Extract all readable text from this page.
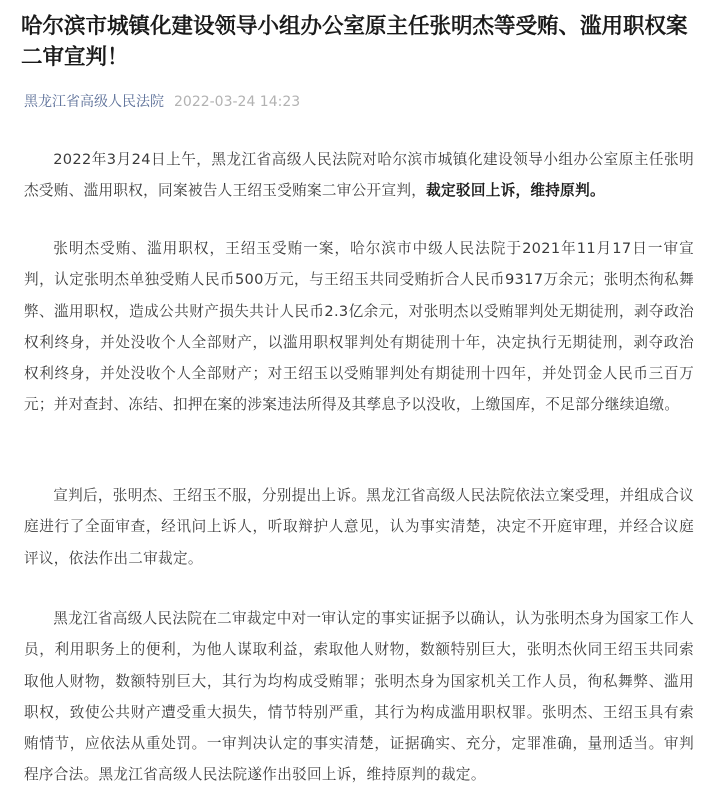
哈尔滨市城镇化建设领导小组办公室原主任张明杰等受贿、滥用职权案二审宣判！
黑龙江省高级人民法院 2022-03-24 14:23

2022年3月24日上午，黑龙江省高级人民法院对哈尔滨市城镇化建设领导小组办公室原主任张明杰受贿、滥用职权，同案被告人王绍玉受贿案二审公开宣判，裁定驳回上诉，维持原判。

张明杰受贿、滥用职权，王绍玉受贿一案，哈尔滨市中级人民法院于2021年11月17日一审宣判，认定张明杰单独受贿人民币500万元，与王绍玉共同受贿折合人民币9317万余元；张明杰徇私舞弊、滥用职权，造成公共财产损失共计人民币2.3亿余元，对张明杰以受贿罪判处无期徒刑，剥夺政治权利终身，并处没收个人全部财产，以滥用职权罪判处有期徒刑十年，决定执行无期徒刑，剥夺政治权利终身，并处没收个人全部财产；对王绍玉以受贿罪判处有期徒刑十四年，并处罚金人民币三百万元；并对查封、冻结、扣押在案的涉案违法所得及其孳息予以没收，上缴国库，不足部分继续追缴。

宣判后，张明杰、王绍玉不服，分别提出上诉。黑龙江省高级人民法院依法立案受理，并组成合议庭进行了全面审查，经讯问上诉人，听取辩护人意见，认为事实清楚，决定不开庭审理，并经合议庭评议，依法作出二审裁定。

黑龙江省高级人民法院在二审裁定中对一审认定的事实证据予以确认，认为张明杰身为国家工作人员，利用职务上的便利，为他人谋取利益，索取他人财物，数额特别巨大，张明杰伙同王绍玉共同索取他人财物，数额特别巨大，其行为均构成受贿罪；张明杰身为国家机关工作人员，徇私舞弊、滥用职权，致使公共财产遭受重大损失，情节特别严重，其行为构成滥用职权罪。张明杰、王绍玉具有索贿情节，应依法从重处罚。一审判决认定的事实清楚，证据确实、充分，定罪准确，量刑适当。审判程序合法。黑龙江省高级人民法院遂作出驳回上诉，维持原判的裁定。
